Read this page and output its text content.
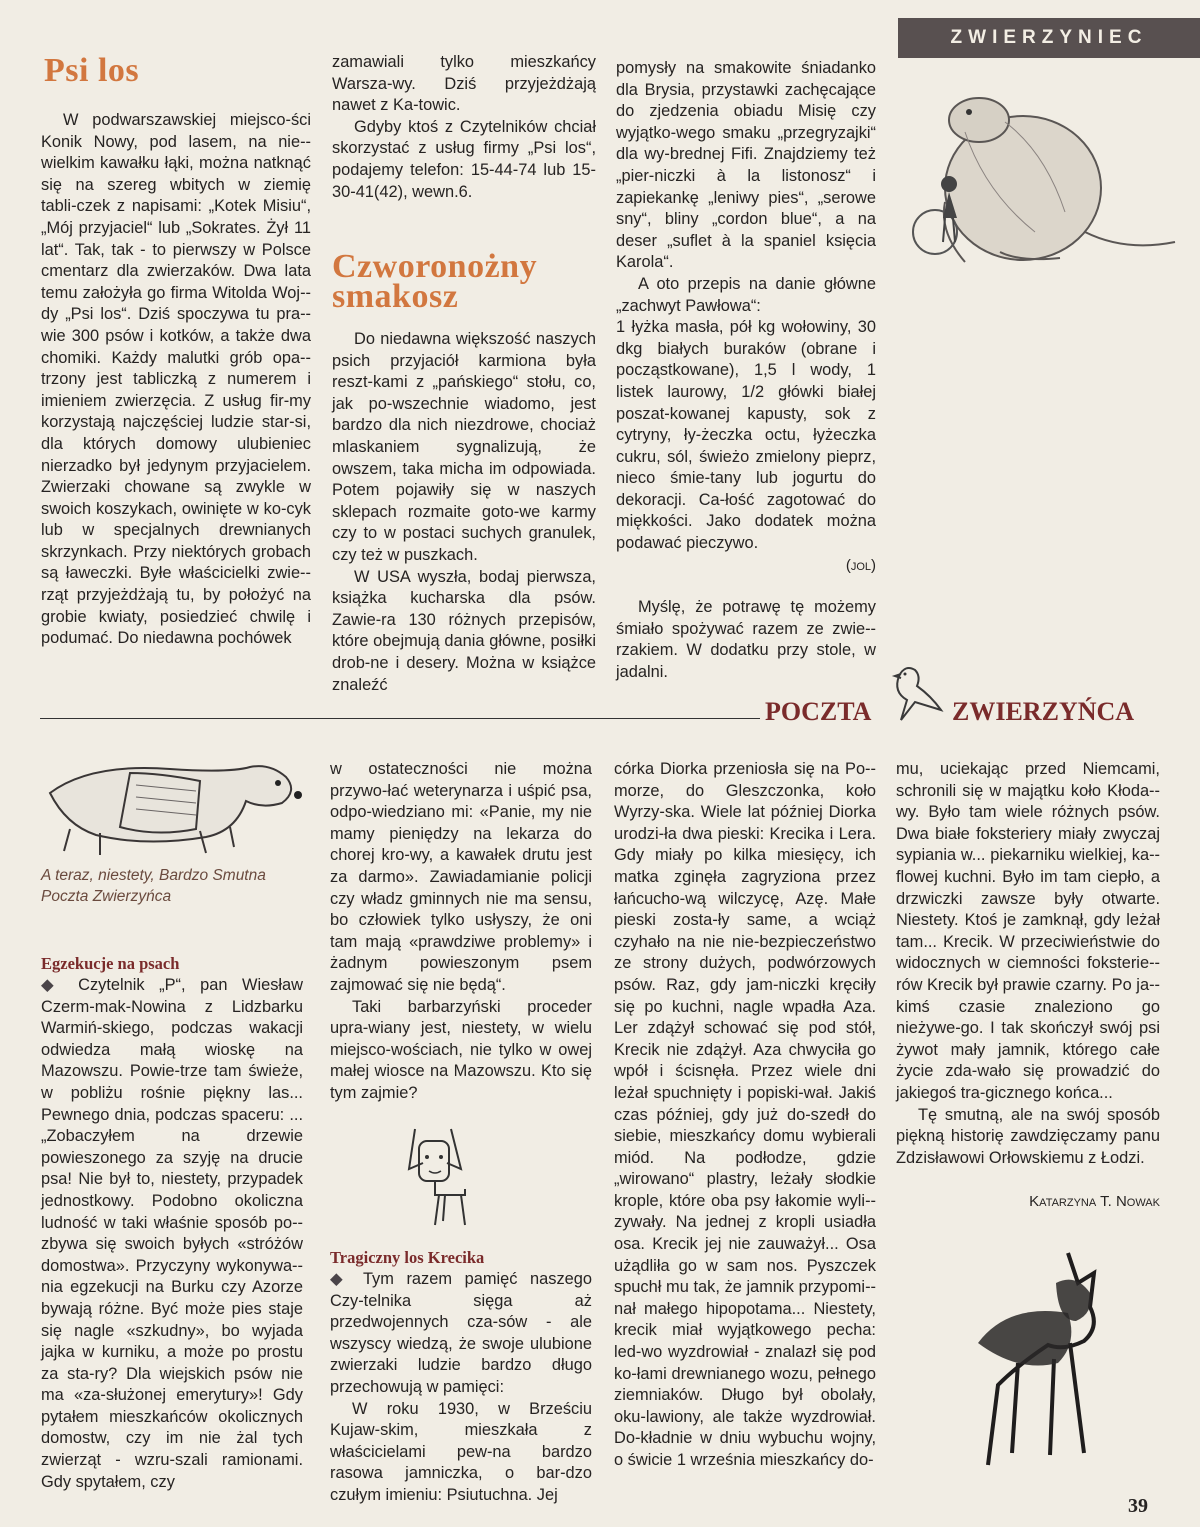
ZWIERZYNIEC
Psi los

W podwarszawskiej miejsco-ści Konik Nowy, pod lasem, na nie-wielkim kawałku łąki, można natknąć się na szereg wbitych w ziemię tabli-czek z napisami: „Kotek Misiu“, „Mój przyjaciel“ lub „Sokrates. Żył 11 lat“. Tak, tak - to pierwszy w Polsce cmentarz dla zwierzaków. Dwa lata temu założyła go firma Witolda Woj-dy „Psi los“. Dziś spoczywa tu pra-wie 300 psów i kotków, a także dwa chomiki. Każdy malutki grób opa-trzony jest tabliczką z numerem i imieniem zwierzęcia. Z usług fir-my korzystają najczęściej ludzie star-si, dla których domowy ulubieniec nierzadko był jedynym przyjacielem. Zwierzaki chowane są zwykle w swoich koszykach, owinięte w ko-cyk lub w specjalnych drewnianych skrzynkach. Przy niektórych grobach są ławeczki. Byłe właścicielki zwie-rząt przyjeżdżają tu, by położyć na grobie kwiaty, posiedzieć chwilę i podumać. Do niedawna pochówek

zamawiali tylko mieszkańcy Warsza-wy. Dziś przyjeżdżają nawet z Ka-towic.

Gdyby ktoś z Czytelników chciał skorzystać z usług firmy „Psi los“, podajemy telefon: 15-44-74 lub 15-30-41(42), wewn.6.

Czworonożny
smakosz

Do niedawna większość naszych psich przyjaciół karmiona była reszt-kami z „pańskiego“ stołu, co, jak po-wszechnie wiadomo, jest bardzo dla nich niezdrowe, chociaż mlaskaniem sygnalizują, że owszem, taka micha im odpowiada. Potem pojawiły się w naszych sklepach rozmaite goto-we karmy czy to w postaci suchych granulek, czy też w puszkach.

W USA wyszła, bodaj pierwsza, książka kucharska dla psów. Zawie-ra 130 różnych przepisów, które obejmują dania główne, posiłki drob-ne i desery. Można w książce znaleźć

pomysły na smakowite śniadanko dla Brysia, przystawki zachęcające do zjedzenia obiadu Misię czy wyjątko-wego smaku „przegryzajki“ dla wy-brednej Fifi. Znajdziemy też „pier-niczki à la listonosz“ i zapiekankę „leniwy pies“, „serowe sny“, bliny „cordon blue“, a na deser „suflet à la spaniel księcia Karola“.

A oto przepis na danie główne „zachwyt Pawłowa“:

1 łyżka masła, pół kg wołowiny, 30 dkg białych buraków (obrane i począstkowane), 1,5 l wody, 1 listek laurowy, 1/2 główki białej poszat-kowanej kapusty, sok z cytryny, ły-żeczka octu, łyżeczka cukru, sól, świeżo zmielony pieprz, nieco śmie-tany lub jogurtu do dekoracji. Ca-łość zagotować do miękkości. Jako dodatek można podawać pieczywo.

(jol)

Myślę, że potrawę tę możemy śmiało spożywać razem ze zwie-rzakiem. W dodatku przy stole, w jadalni.

POCZTA	ZWIERZYŃCA
A teraz, niestety, Bardzo Smutna
Poczta Zwierzyńca
Egzekucje na psach

◆ Czytelnik „P“, pan Wiesław Czerm-mak-Nowina z Lidzbarku Warmiń-skiego, podczas wakacji odwiedza małą wioskę na Mazowszu. Powie-trze tam świeże, w pobliżu rośnie piękny las... Pewnego dnia, podczas spaceru: ... „Zobaczyłem na drzewie powieszonego za szyję na drucie psa! Nie był to, niestety, przypadek jednostkowy. Podobno okoliczna ludność w taki właśnie sposób po-zbywa się swoich byłych «stróżów domostwa». Przyczyny wykonywa-nia egzekucji na Burku czy Azorze bywają różne. Być może pies staje się nagle «szkudny», bo wyjada jajka w kurniku, a może po prostu za sta-ry? Dla wiejskich psów nie ma «za-służonej emerytury»! Gdy pytałem mieszkańców okolicznych domostw, czy im nie żal tych zwierząt - wzru-szali ramionami. Gdy spytałem, czy

w ostateczności nie można przywo-łać weterynarza i uśpić psa, odpo-wiedziano mi: «Panie, my nie mamy pieniędzy na lekarza do chorej kro-wy, a kawałek drutu jest za darmo». Zawiadamianie policji czy władz gminnych nie ma sensu, bo człowiek tylko usłyszy, że oni tam mają «prawdziwe problemy» i żadnym powieszonym psem zajmować się nie będą“.

Taki barbarzyński proceder upra-wiany jest, niestety, w wielu miejsco-wościach, nie tylko w owej małej wiosce na Mazowszu. Kto się tym zajmie?

Tragiczny los Krecika

◆ Tym razem pamięć naszego Czy-telnika sięga aż przedwojennych cza-sów - ale wszyscy wiedzą, że swoje ulubione zwierzaki ludzie bardzo długo przechowują w pamięci:

W roku 1930, w Brześciu Kujaw-skim, mieszkała z właścicielami pew-na bardzo rasowa jamniczka, o bar-dzo czułym imieniu: Psiutuchna. Jej

córka Diorka przeniosła się na Po-morze, do Gleszczonka, koło Wyrzy-ska. Wiele lat później Diorka urodzi-ła dwa pieski: Krecika i Lera. Gdy miały po kilka miesięcy, ich matka zginęła zagryziona przez łańcucho-wą wilczycę, Azę. Małe pieski zosta-ły same, a wciąż czyhało na nie nie-bezpieczeństwo ze strony dużych, podwórzowych psów. Raz, gdy jam-niczki kręciły się po kuchni, nagle wpadła Aza. Ler zdążył schować się pod stół, Krecik nie zdążył. Aza chwyciła go wpół i ścisnęła. Przez wiele dni leżał spuchnięty i popiski-wał. Jakiś czas później, gdy już do-szedł do siebie, mieszkańcy domu wybierali miód. Na podłodze, gdzie „wirowano“ plastry, leżały słodkie krople, które oba psy łakomie wyli-zywały. Na jednej z kropli usiadła osa. Krecik jej nie zauważył... Osa użądliła go w sam nos. Pyszczek spuchł mu tak, że jamnik przypomi-nał małego hipopotama... Niestety, krecik miał wyjątkowego pecha: led-wo wyzdrowiał - znalazł się pod ko-łami drewnianego wozu, pełnego ziemniaków. Długo był obolały, oku-lawiony, ale także wyzdrowiał. Do-kładnie w dniu wybuchu wojny, o świcie 1 września mieszkańcy do-

mu, uciekając przed Niemcami, schronili się w majątku koło Kłoda-wy. Było tam wiele różnych psów. Dwa białe foksteriery miały zwyczaj sypiania w... piekarniku wielkiej, ka-flowej kuchni. Było im tam ciepło, a drzwiczki zawsze były otwarte. Niestety. Ktoś je zamknął, gdy leżał tam... Krecik. W przeciwieństwie do widocznych w ciemności foksterie-rów Krecik był prawie czarny. Po ja-kimś czasie znaleziono go nieżywe-go. I tak skończył swój psi żywot mały jamnik, którego całe życie zda-wało się prowadzić do jakiegoś tra-gicznego końca...

Tę smutną, ale na swój sposób piękną historię zawdzięczamy panu Zdzisławowi Orłowskiemu z Łodzi.

Katarzyna T. Nowak
39
